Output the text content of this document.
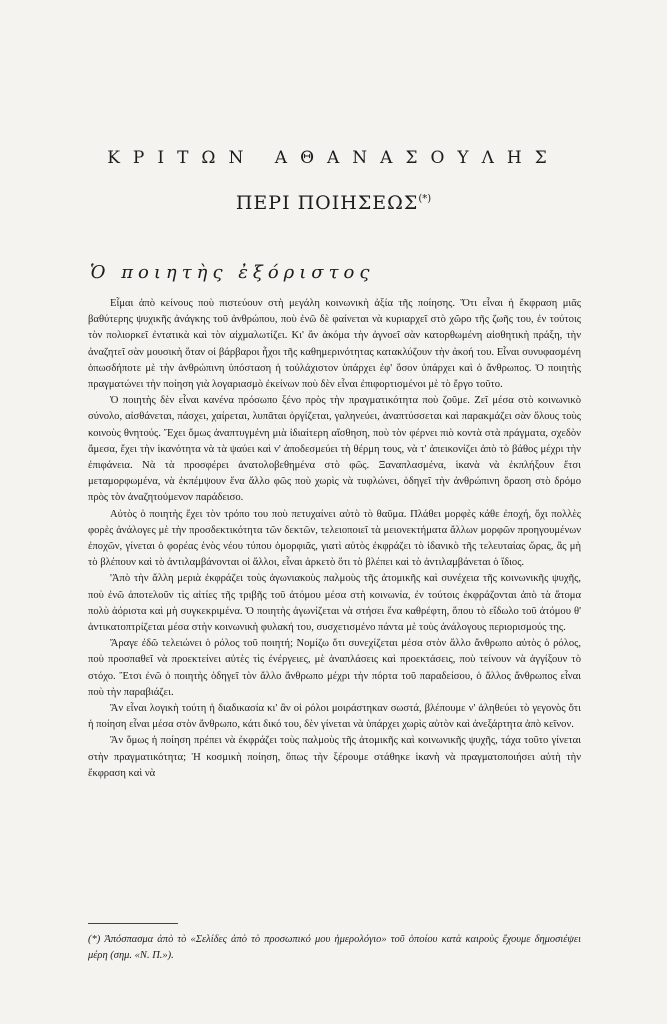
ΚΡΙΤΩΝ ΑΘΑΝΑΣΟΥΛΗΣ
ΠΕΡΙ ΠΟΙΗΣΕΩΣ(*)
Ὁ ποιητὴς ἐξόριστος

Εἶμαι ἀπὸ κείνους ποὺ πιστεύουν στὴ μεγάλη κοινωνικὴ ἀξία τῆς ποίησης. Ὅτι εἶναι ἡ ἔκφραση μιᾶς βαθύτερης ψυχικῆς ἀνάγκης τοῦ ἀνθρώπου, ποὺ ἐνῶ δὲ φαίνεται νὰ κυριαρχεῖ στὸ χῶρο τῆς ζωῆς του, ἐν τούτοις τὸν πολιορκεῖ ἐντατικὰ καὶ τὸν αἰχμαλωτίζει. Κι' ἂν ἀκόμα τὴν ἀγνοεῖ σὰν κατορθωμένη αἰσθητικὴ πράξη, τὴν ἀναζητεῖ σὰν μουσικὴ ὅταν οἱ βάρβαροι ἦχοι τῆς καθημερινότητας κατακλύζουν τὴν ἀκοή του. Εἶναι συνυφασμένη ὁπωσδήποτε μὲ τὴν ἀνθρώπινη ὑπόσταση ἡ τοὐλάχιστον ὑπάρχει ἐφ' ὅσον ὑπάρχει καὶ ὁ ἄνθρωπος. Ὁ ποιητὴς πραγματώνει τὴν ποίηση γιὰ λογαριασμὸ ἐκείνων ποὺ δὲν εἶναι ἐπιφορτισμένοι μὲ τὸ ἔργο τοῦτο.

Ὁ ποιητὴς δὲν εἶναι κανένα πρόσωπο ξένο πρὸς τὴν πραγματικότητα ποὺ ζοῦμε. Ζεῖ μέσα στὸ κοινωνικὸ σύνολο, αἰσθάνεται, πάσχει, χαίρεται, λυπᾶται ὀργίζεται, γαληνεύει, ἀναπτύσσεται καὶ παρακμάζει σὰν ὅλους τοὺς κοινοὺς θνητούς. Ἔχει ὅμως ἀναπτυγμένη μιὰ ἰδιαίτερη αἴσθηση, ποὺ τὸν φέρνει πιὸ κοντὰ στὰ πράγματα, σχεδὸν ἄμεσα, ἔχει τὴν ἱκανότητα νὰ τὰ ψαύει καὶ ν' ἀποδεσμεύει τὴ θέρμη τους, νὰ τ' ἀπεικονίζει ἀπὸ τὸ βάθος μέχρι τὴν ἐπιφάνεια. Νὰ τὰ προσφέρει ἀνατολοβεθημένα στὸ φῶς. Ξαναπλασμένα, ἱκανὰ νὰ ἐκπλήξουν ἔτσι μεταμορφωμένα, νὰ ἐκπέμψουν ἕνα ἄλλο φῶς ποὺ χωρὶς νὰ τυφλώνει, ὁδηγεῖ τὴν ἀνθρώπινη ὅραση στὸ δρόμο πρὸς τὸν ἀναζητούμενον παράδεισο.

Αὐτὸς ὁ ποιητὴς ἔχει τὸν τρόπο του ποὺ πετυχαίνει αὐτὸ τὸ θαῦμα. Πλάθει μορφὲς κάθε ἐποχή, ὄχι πολλὲς φορὲς ἀνάλογες μὲ τὴν προσδεκτικότητα τῶν δεκτῶν, τελειοποιεῖ τὰ μειονεκτήματα ἄλλων μορφῶν προηγουμένων ἐποχῶν, γίνεται ὁ φορέας ἑνὸς νέου τύπου ὁμορφιᾶς, γιατὶ αὐτὸς ἐκφράζει τὸ ἰδανικὸ τῆς τελευταίας ὥρας, ἂς μὴ τὸ βλέπουν καὶ τὸ ἀντιλαμβάνονται οἱ ἄλλοι, εἶναι ἀρκετὸ ὅτι τὸ βλέπει καὶ τὸ ἀντιλαμβάνεται ὁ ἴδιος.

'Ἀπὸ τὴν ἄλλη μεριὰ ἐκφράζει τοὺς ἀγωνιακοὺς παλμοὺς τῆς ἀτομικῆς καὶ συνέχεια τῆς κοινωνικῆς ψυχῆς, ποὺ ἐνῶ ἀποτελοῦν τὶς αἰτίες τῆς τριβῆς τοῦ ἀτόμου μέσα στὴ κοινωνία, ἐν τούτοις ἐκφράζονται ἀπὸ τὰ ἄτομα πολὺ ἀόριστα καὶ μὴ συγκεκριμένα. Ὁ ποιητὴς ἀγωνίζεται νὰ στήσει ἕνα καθρέφτη, ὅπου τὸ εἴδωλο τοῦ ἀτόμου θ' ἀντικατοπτρίζεται μέσα στὴν κοινωνικὴ φυλακή του, συσχετισμένο πάντα μὲ τοὺς ἀνάλογους περιορισμούς της.

Ἄραγε ἐδῶ τελειώνει ὁ ρόλος τοῦ ποιητή; Νομίζω ὅτι συνεχίζεται μέσα στὸν ἄλλο ἄνθρωπο αὐτὸς ὁ ρόλος, ποὺ προσπαθεῖ νὰ προεκτείνει αὐτὲς τὶς ἐνέργειες, μὲ ἀναπλάσεις καὶ προεκτάσεις, ποὺ τείνουν νὰ ἀγγίξουν τὸ στόχο. Ἔτσι ἐνῶ ὁ ποιητὴς ὁδηγεῖ τὸν ἄλλο ἄνθρωπο μέχρι τὴν πόρτα τοῦ παραδείσου, ὁ ἄλλος ἄνθρωπος εἶναι ποὺ τὴν παραβιάζει.

Ἂν εἶναι λογικὴ τούτη ἡ διαδικασία κι' ἂν οἱ ρόλοι μοιράστηκαν σωστά, βλέπουμε ν' ἀληθεύει τὸ γεγονὸς ὅτι ἡ ποίηση εἶναι μέσα στὸν ἄνθρωπο, κάτι δικό του, δὲν γίνεται νὰ ὑπάρχει χωρὶς αὐτὸν καὶ ἀνεξάρτητα ἀπὸ κεῖνον.

Ἂν ὅμως ἡ ποίηση πρέπει νὰ ἐκφράζει τοὺς παλμοὺς τῆς ἀτομικῆς καὶ κοινωνικῆς ψυχῆς, τάχα τοῦτο γίνεται στὴν πραγματικότητα; Ἡ κοσμικὴ ποίηση, ὅπως τὴν ξέρουμε στάθηκε ἱκανὴ νὰ πραγματοποιήσει αὐτὴ τὴν ἔκφραση καὶ νὰ

(*) Ἀπόσπασμα ἀπὸ τὸ «Σελίδες ἀπὸ τὸ προσωπικό μου ἡμερολόγιο» τοῦ ὁποίου κατὰ καιροὺς ἔχουμε δημοσιέψει μέρη (σημ. «Ν. Π.»).
